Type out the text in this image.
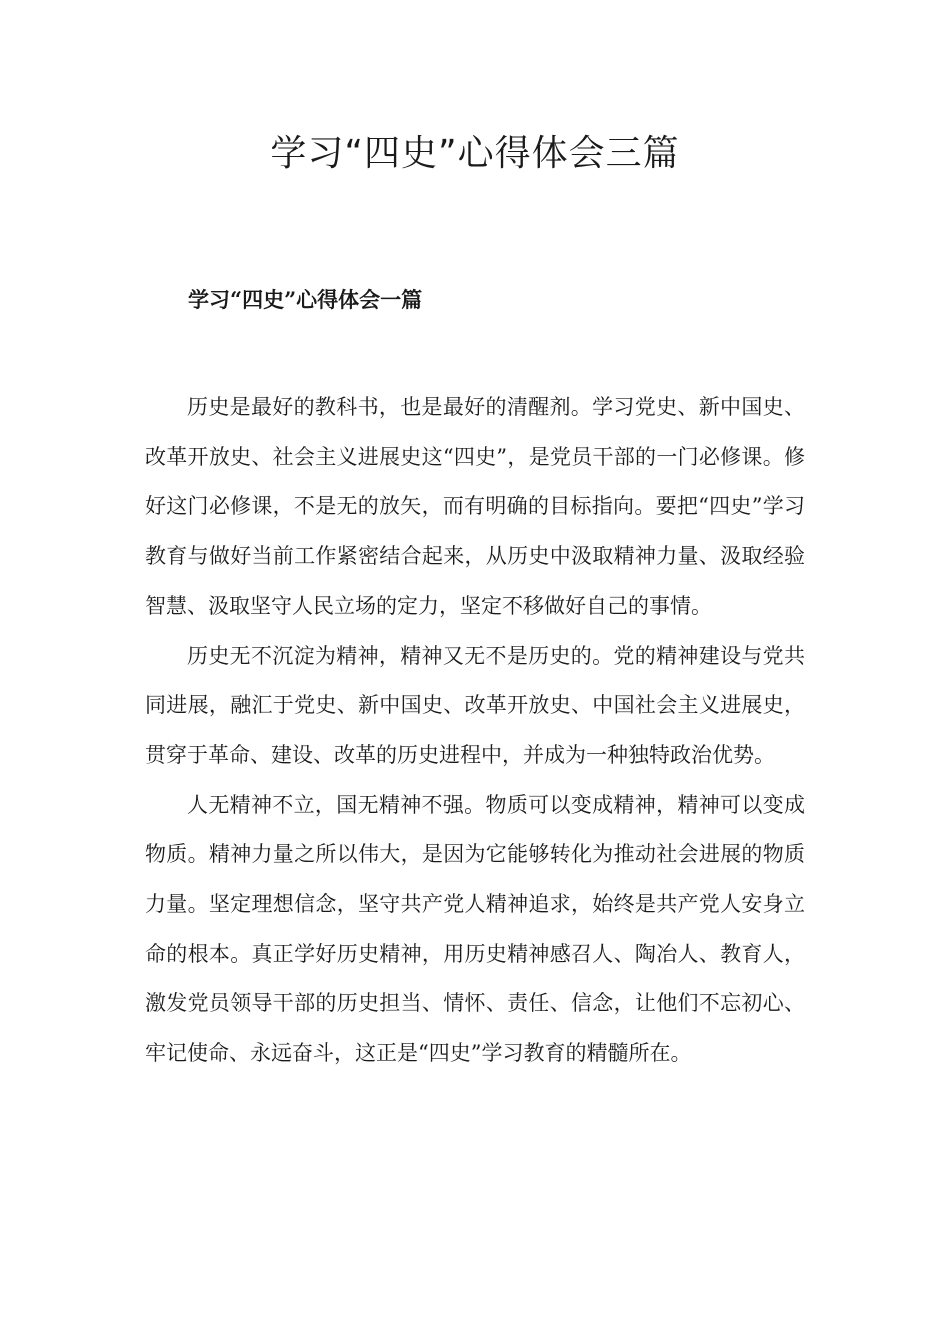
学习“四史”心得体会三篇
学习“四史”心得体会一篇

历史是最好的教科书，也是最好的清醒剂。学习党史、新中国史、改革开放史、社会主义进展史这“四史”，是党员干部的一门必修课。修好这门必修课，不是无的放矢，而有明确的目标指向。要把“四史”学习教育与做好当前工作紧密结合起来，从历史中汲取精神力量、汲取经验智慧、汲取坚守人民立场的定力，坚定不移做好自己的事情。

历史无不沉淀为精神，精神又无不是历史的。党的精神建设与党共同进展，融汇于党史、新中国史、改革开放史、中国社会主义进展史，贯穿于革命、建设、改革的历史进程中，并成为一种独特政治优势。

人无精神不立，国无精神不强。物质可以变成精神，精神可以变成物质。精神力量之所以伟大，是因为它能够转化为推动社会进展的物质力量。坚定理想信念，坚守共产党人精神追求，始终是共产党人安身立命的根本。真正学好历史精神，用历史精神感召人、陶冶人、教育人，激发党员领导干部的历史担当、情怀、责任、信念，让他们不忘初心、牢记使命、永远奋斗，这正是“四史”学习教育的精髓所在。
